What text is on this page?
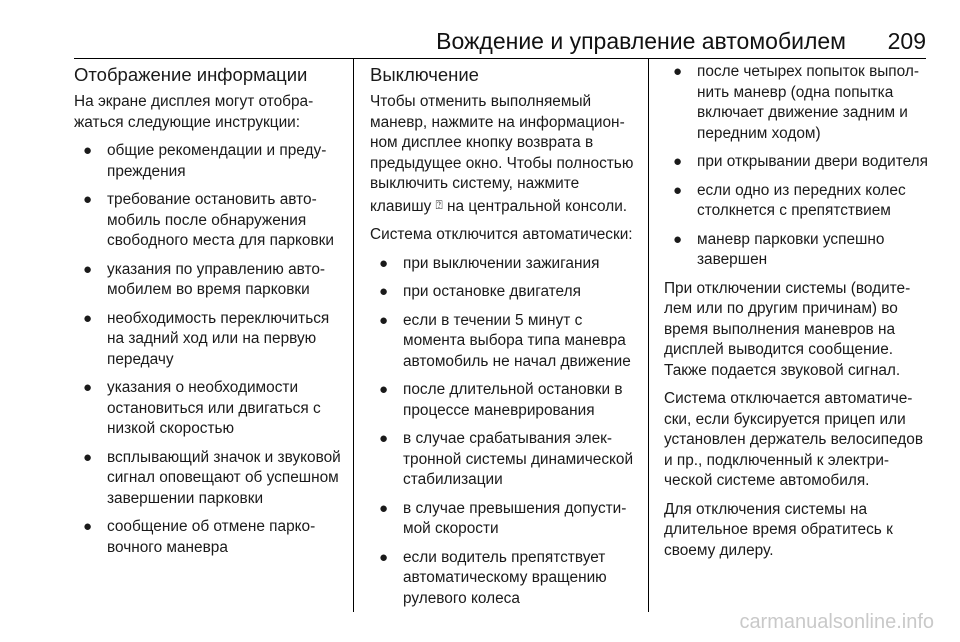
Вождение и управление автомобилем 209
Отображение информации

На экране дисплея могут отображаться следующие инструкции:

● общие рекомендации и предупреждения
● требование остановить автомобиль после обнаружения свободного места для парковки
● указания по управлению автомобилем во время парковки
● необходимость переключиться на задний ход или на первую передачу
● указания о необходимости остановиться или двигаться с низкой скоростью
● всплывающий значок и звуковой сигнал оповещают об успешном завершении парковки
● сообщение об отмене парковочного маневра
Выключение

Чтобы отменить выполняемый маневр, нажмите на информационном дисплее кнопку возврата в предыдущее окно. Чтобы полностью выключить систему, нажмите клавишу ⍰ на центральной консоли.

Система отключится автоматически:

● при выключении зажигания
● при остановке двигателя
● если в течении 5 минут с момента выбора типа маневра автомобиль не начал движение
● после длительной остановки в процессе маневрирования
● в случае срабатывания электронной системы динамической стабилизации
● в случае превышения допустимой скорости
● если водитель препятствует автоматическому вращению рулевого колеса
● после четырех попыток выполнить маневр (одна попытка включает движение задним и передним ходом)
● при открывании двери водителя
● если одно из передних колес столкнется с препятствием
● маневр парковки успешно завершен

При отключении системы (водителем или по другим причинам) во время выполнения маневров на дисплей выводится сообщение. Также подается звуковой сигнал.

Система отключается автоматически, если буксируется прицеп или установлен держатель велосипедов и пр., подключенный к электрической системе автомобиля.

Для отключения системы на длительное время обратитесь к своему дилеру.

carmanualsonline.info
